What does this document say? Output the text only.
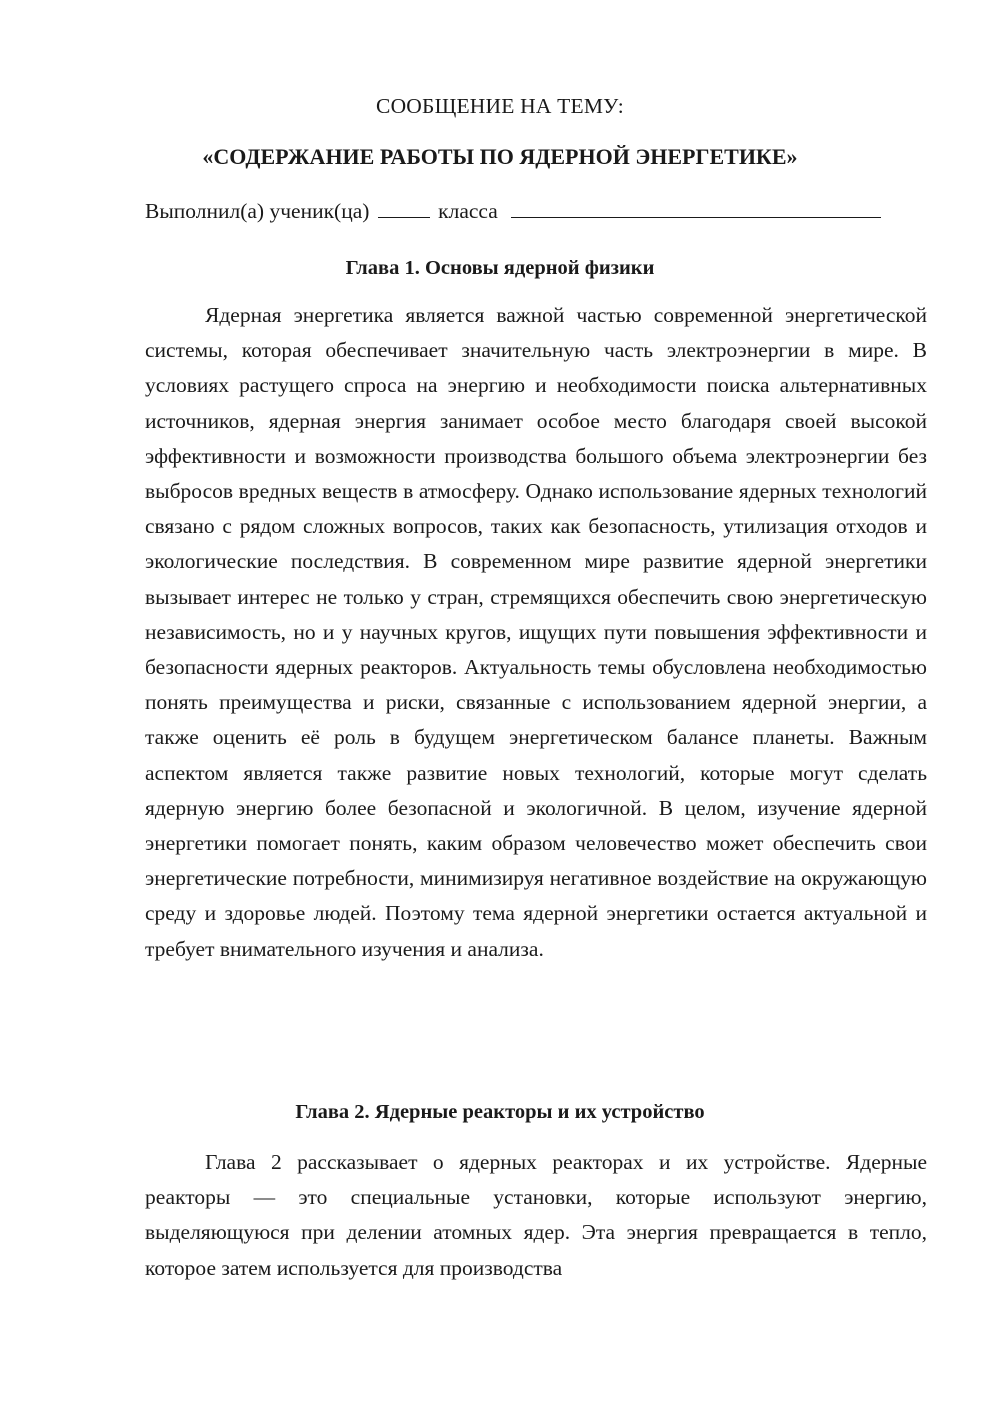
СООБЩЕНИЕ НА ТЕМУ:
«СОДЕРЖАНИЕ РАБОТЫ ПО ЯДЕРНОЙ ЭНЕРГЕТИКЕ»
Выполнил(а) ученик(ца)	класса
Глава 1. Основы ядерной физики

Ядерная энергетика является важной частью современной энергетической системы, которая обеспечивает значительную часть электроэнергии в мире. В условиях растущего спроса на энергию и необходимости поиска альтернативных источников, ядерная энергия занимает особое место благодаря своей высокой эффективности и возможности производства большого объема электроэнергии без выбросов вредных веществ в атмосферу. Однако использование ядерных технологий связано с рядом сложных вопросов, таких как безопасность, утилизация отходов и экологические последствия. В современном мире развитие ядерной энергетики вызывает интерес не только у стран, стремящихся обеспечить свою энергетическую независимость, но и у научных кругов, ищущих пути повышения эффективности и безопасности ядерных реакторов. Актуальность темы обусловлена необходимостью понять преимущества и риски, связанные с использованием ядерной энергии, а также оценить её роль в будущем энергетическом балансе планеты. Важным аспектом является также развитие новых технологий, которые могут сделать ядерную энергию более безопасной и экологичной. В целом, изучение ядерной энергетики помогает понять, каким образом человечество может обеспечить свои энергетические потребности, минимизируя негативное воздействие на окружающую среду и здоровье людей. Поэтому тема ядерной энергетики остается актуальной и требует внимательного изучения и анализа.

Глава 2. Ядерные реакторы и их устройство

Глава 2 рассказывает о ядерных реакторах и их устройстве. Ядерные реакторы — это специальные установки, которые используют энергию, выделяющуюся при делении атомных ядер. Эта энергия превращается в тепло, которое затем используется для производства
